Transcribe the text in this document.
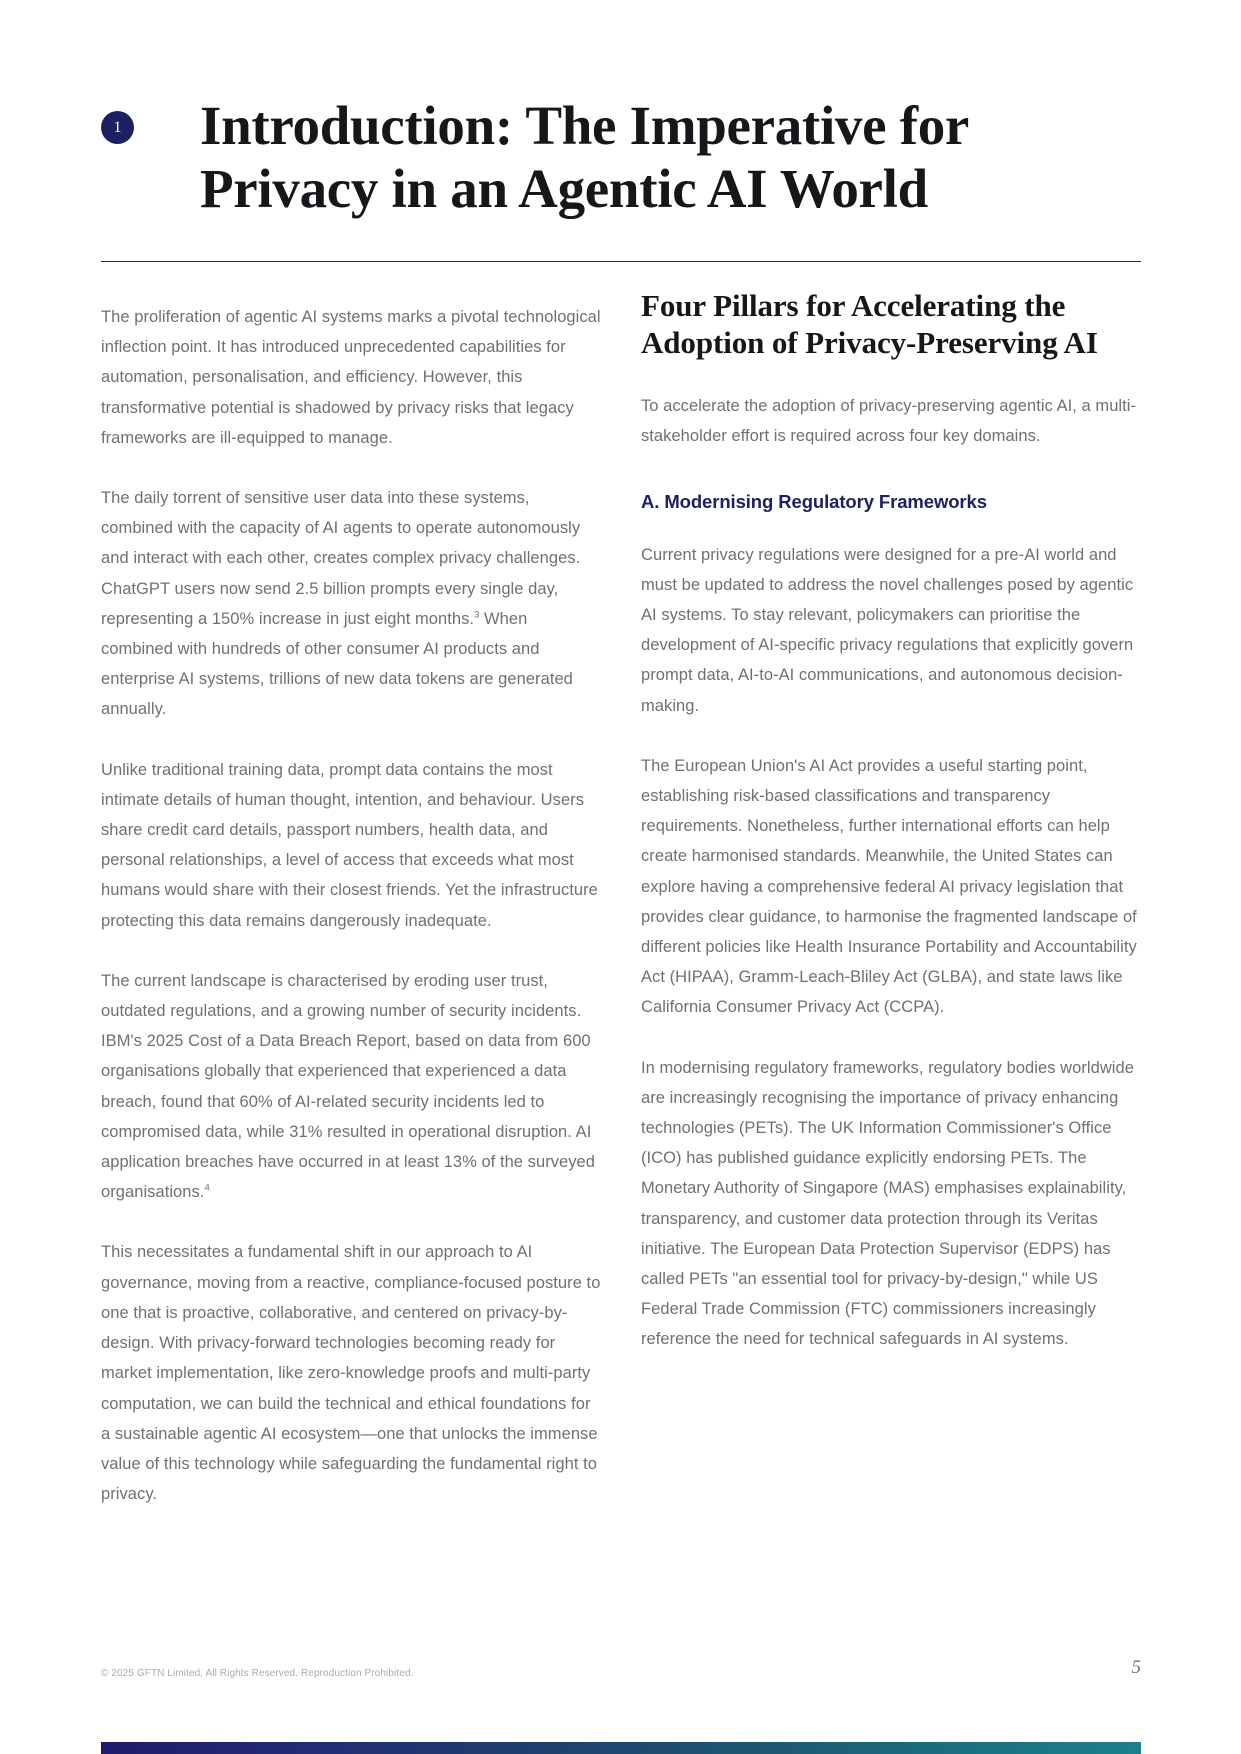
1 Introduction: The Imperative for Privacy in an Agentic AI World

The proliferation of agentic AI systems marks a pivotal technological inflection point. It has introduced unprecedented capabilities for automation, personalisation, and efficiency. However, this transformative potential is shadowed by privacy risks that legacy frameworks are ill-equipped to manage.

The daily torrent of sensitive user data into these systems, combined with the capacity of AI agents to operate autonomously and interact with each other, creates complex privacy challenges. ChatGPT users now send 2.5 billion prompts every single day, representing a 150% increase in just eight months.$^3$ When combined with hundreds of other consumer AI products and enterprise AI systems, trillions of new data tokens are generated annually.

Unlike traditional training data, prompt data contains the most intimate details of human thought, intention, and behaviour. Users share credit card details, passport numbers, health data, and personal relationships, a level of access that exceeds what most humans would share with their closest friends. Yet the infrastructure protecting this data remains dangerously inadequate.

The current landscape is characterised by eroding user trust, outdated regulations, and a growing number of security incidents. IBM's 2025 Cost of a Data Breach Report, based on data from 600 organisations globally that experienced that experienced a data breach, found that 60% of AI-related security incidents led to compromised data, while 31% resulted in operational disruption. AI application breaches have occurred in at least 13% of the surveyed organisations.$^4$

This necessitates a fundamental shift in our approach to AI governance, moving from a reactive, compliance-focused posture to one that is proactive, collaborative, and centered on privacy-by-design. With privacy-forward technologies becoming ready for market implementation, like zero-knowledge proofs and multi-party computation, we can build the technical and ethical foundations for a sustainable agentic AI ecosystem—one that unlocks the immense value of this technology while safeguarding the fundamental right to privacy.

Four Pillars for Accelerating the Adoption of Privacy-Preserving AI

To accelerate the adoption of privacy-preserving agentic AI, a multi-stakeholder effort is required across four key domains.

A. Modernising Regulatory Frameworks

Current privacy regulations were designed for a pre-AI world and must be updated to address the novel challenges posed by agentic AI systems. To stay relevant, policymakers can prioritise the development of AI-specific privacy regulations that explicitly govern prompt data, AI-to-AI communications, and autonomous decision-making.

The European Union's AI Act provides a useful starting point, establishing risk-based classifications and transparency requirements. Nonetheless, further international efforts can help create harmonised standards. Meanwhile, the United States can explore having a comprehensive federal AI privacy legislation that provides clear guidance, to harmonise the fragmented landscape of different policies like Health Insurance Portability and Accountability Act (HIPAA), Gramm-Leach-Bliley Act (GLBA), and state laws like California Consumer Privacy Act (CCPA).

In modernising regulatory frameworks, regulatory bodies worldwide are increasingly recognising the importance of privacy enhancing technologies (PETs). The UK Information Commissioner's Office (ICO) has published guidance explicitly endorsing PETs. The Monetary Authority of Singapore (MAS) emphasises explainability, transparency, and customer data protection through its Veritas initiative. The European Data Protection Supervisor (EDPS) has called PETs "an essential tool for privacy-by-design," while US Federal Trade Commission (FTC) commissioners increasingly reference the need for technical safeguards in AI systems.

© 2025 GFTN Limited, All Rights Reserved. Reproduction Prohibited.	5
